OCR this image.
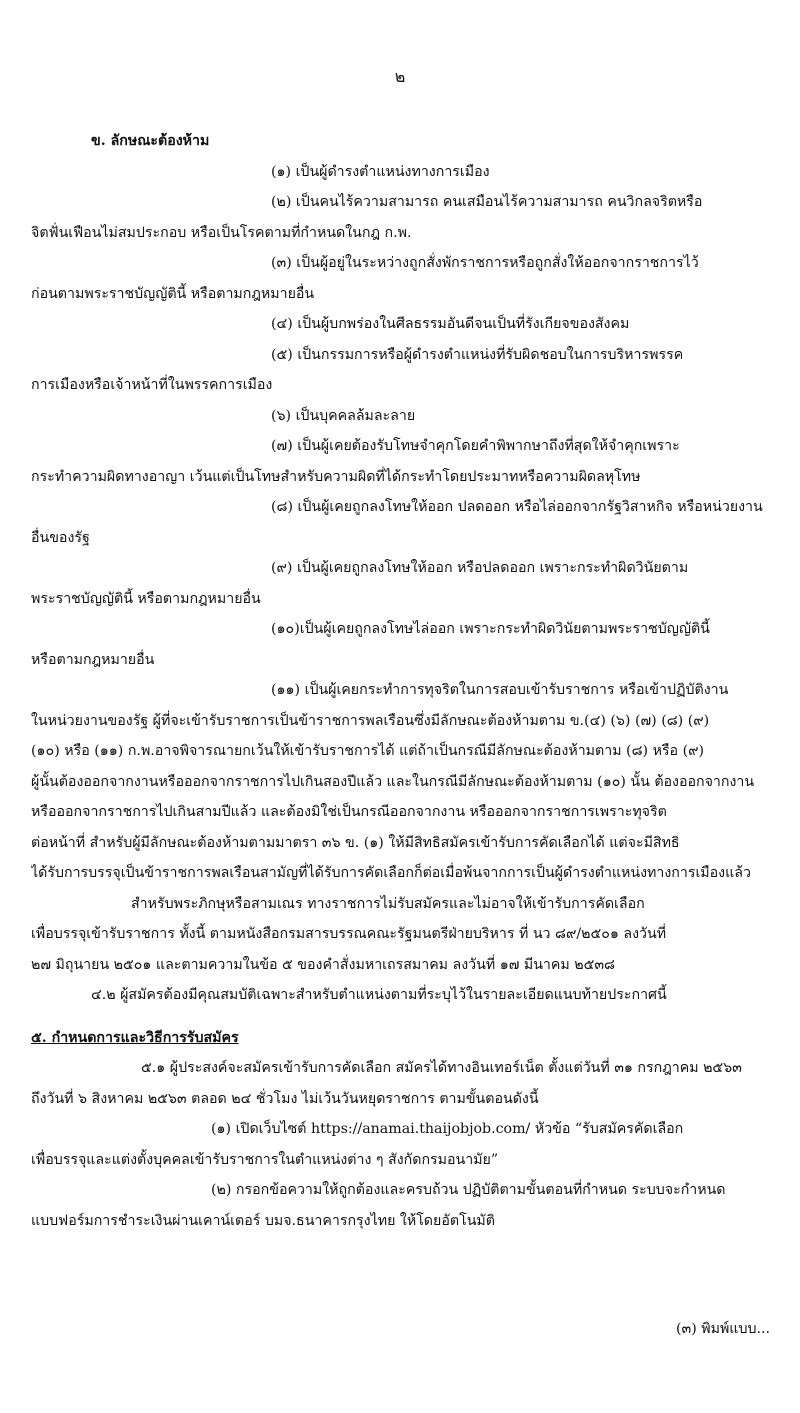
๒
ข. ลักษณะต้องห้าม
(๑) เป็นผู้ดำรงตำแหน่งทางการเมือง
(๒) เป็นคนไร้ความสามารถ คนเสมือนไร้ความสามารถ คนวิกลจริตหรือ
จิตฟั่นเฟือนไม่สมประกอบ หรือเป็นโรคตามที่กำหนดในกฎ ก.พ.
(๓) เป็นผู้อยู่ในระหว่างถูกสั่งพักราชการหรือถูกสั่งให้ออกจากราชการไว้
ก่อนตามพระราชบัญญัตินี้ หรือตามกฎหมายอื่น
(๔) เป็นผู้บกพร่องในศีลธรรมอันดีจนเป็นที่รังเกียจของสังคม
(๕) เป็นกรรมการหรือผู้ดำรงตำแหน่งที่รับผิดชอบในการบริหารพรรค
การเมืองหรือเจ้าหน้าที่ในพรรคการเมือง
(๖) เป็นบุคคลล้มละลาย
(๗) เป็นผู้เคยต้องรับโทษจำคุกโดยคำพิพากษาถึงที่สุดให้จำคุกเพราะ
กระทำความผิดทางอาญา เว้นแต่เป็นโทษสำหรับความผิดที่ได้กระทำโดยประมาทหรือความผิดลหุโทษ
(๘) เป็นผู้เคยถูกลงโทษให้ออก ปลดออก หรือไล่ออกจากรัฐวิสาหกิจ หรือหน่วยงาน
อื่นของรัฐ
(๙) เป็นผู้เคยถูกลงโทษให้ออก หรือปลดออก เพราะกระทำผิดวินัยตาม
พระราชบัญญัตินี้ หรือตามกฎหมายอื่น
(๑๐)เป็นผู้เคยถูกลงโทษไล่ออก เพราะกระทำผิดวินัยตามพระราชบัญญัตินี้
หรือตามกฎหมายอื่น
(๑๑) เป็นผู้เคยกระทำการทุจริตในการสอบเข้ารับราชการ หรือเข้าปฏิบัติงาน
ในหน่วยงานของรัฐ ผู้ที่จะเข้ารับราชการเป็นข้าราชการพลเรือนซึ่งมีลักษณะต้องห้ามตาม ข.(๔) (๖) (๗) (๘) (๙)
(๑๐) หรือ (๑๑) ก.พ.อาจพิจารณายกเว้นให้เข้ารับราชการได้ แต่ถ้าเป็นกรณีมีลักษณะต้องห้ามตาม (๘) หรือ (๙)
ผู้นั้นต้องออกจากงานหรือออกจากราชการไปเกินสองปีแล้ว และในกรณีมีลักษณะต้องห้ามตาม (๑๐) นั้น ต้องออกจากงาน
หรือออกจากราชการไปเกินสามปีแล้ว และต้องมิใช่เป็นกรณีออกจากงาน หรือออกจากราชการเพราะทุจริต
ต่อหน้าที่ สำหรับผู้มีลักษณะต้องห้ามตามมาตรา ๓๖ ข. (๑) ให้มีสิทธิสมัครเข้ารับการคัดเลือกได้ แต่จะมีสิทธิ
ได้รับการบรรจุเป็นข้าราชการพลเรือนสามัญที่ได้รับการคัดเลือกก็ต่อเมื่อพ้นจากการเป็นผู้ดำรงตำแหน่งทางการเมืองแล้ว
สำหรับพระภิกษุหรือสามเณร ทางราชการไม่รับสมัครและไม่อาจให้เข้ารับการคัดเลือก
เพื่อบรรจุเข้ารับราชการ ทั้งนี้ ตามหนังสือกรมสารบรรณคณะรัฐมนตรีฝ่ายบริหาร ที่ นว ๘๙/๒๕๐๑ ลงวันที่
๒๗ มิถุนายน ๒๕๐๑ และตามความในข้อ ๕ ของคำสั่งมหาเถรสมาคม ลงวันที่ ๑๗ มีนาคม ๒๕๓๘
๔.๒ ผู้สมัครต้องมีคุณสมบัติเฉพาะสำหรับตำแหน่งตามที่ระบุไว้ในรายละเอียดแนบท้ายประกาศนี้
๕. กำหนดการและวิธีการรับสมัคร
๕.๑ ผู้ประสงค์จะสมัครเข้ารับการคัดเลือก สมัครได้ทางอินเทอร์เน็ต ตั้งแต่วันที่ ๓๑ กรกฎาคม ๒๕๖๓
ถึงวันที่ ๖ สิงหาคม ๒๕๖๓ ตลอด ๒๔ ชั่วโมง ไม่เว้นวันหยุดราชการ ตามขั้นตอนดังนี้
(๑) เปิดเว็บไซต์ https://anamai.thaijobjob.com/ หัวข้อ “รับสมัครคัดเลือก
เพื่อบรรจุและแต่งตั้งบุคคลเข้ารับราชการในตำแหน่งต่าง ๆ สังกัดกรมอนามัย”
(๒) กรอกข้อความให้ถูกต้องและครบถ้วน ปฏิบัติตามขั้นตอนที่กำหนด ระบบจะกำหนด
แบบฟอร์มการชำระเงินผ่านเคาน์เตอร์ บมจ.ธนาคารกรุงไทย ให้โดยอัตโนมัติ
(๓) พิมพ์แบบ...
